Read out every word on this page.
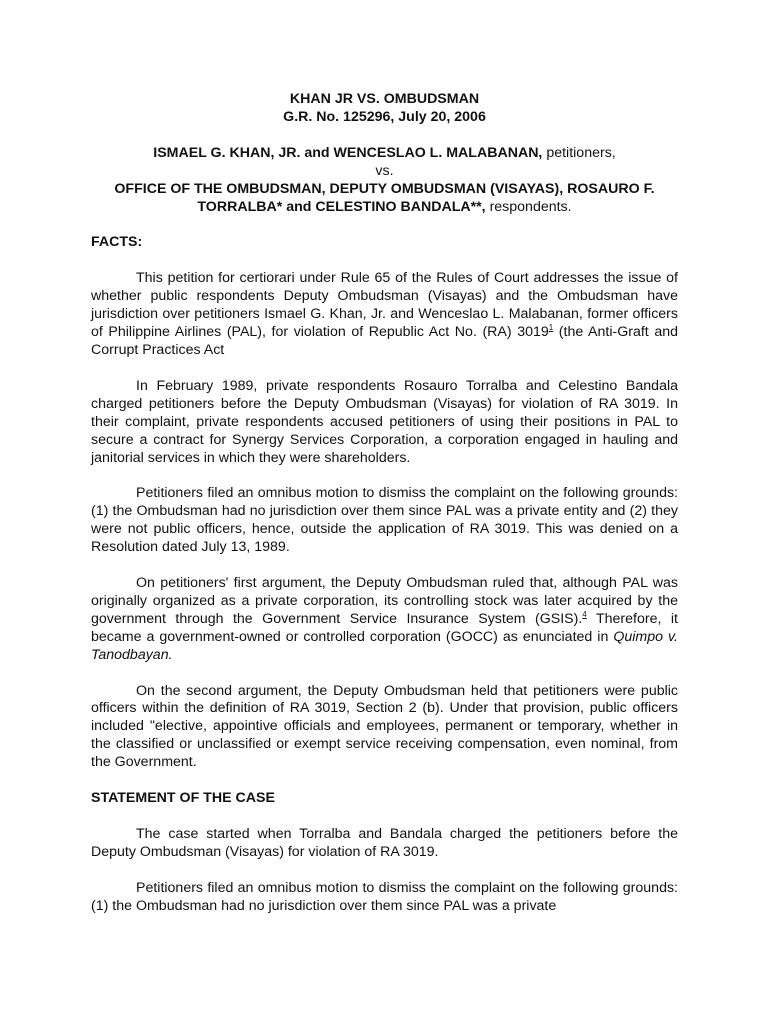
KHAN JR VS. OMBUDSMAN
G.R. No. 125296, July 20, 2006
ISMAEL G. KHAN, JR. and WENCESLAO L. MALABANAN, petitioners,
vs.
OFFICE OF THE OMBUDSMAN, DEPUTY OMBUDSMAN (VISAYAS), ROSAURO F.
TORRALBA* and CELESTINO BANDALA**, respondents.

FACTS:

This petition for certiorari under Rule 65 of the Rules of Court addresses the issue of whether public respondents Deputy Ombudsman (Visayas) and the Ombudsman have jurisdiction over petitioners Ismael G. Khan, Jr. and Wenceslao L. Malabanan, former officers of Philippine Airlines (PAL), for violation of Republic Act No. (RA) 3019$^1$ (the Anti-Graft and Corrupt Practices Act

In February 1989, private respondents Rosauro Torralba and Celestino Bandala charged petitioners before the Deputy Ombudsman (Visayas) for violation of RA 3019. In their complaint, private respondents accused petitioners of using their positions in PAL to secure a contract for Synergy Services Corporation, a corporation engaged in hauling and janitorial services in which they were shareholders.

Petitioners filed an omnibus motion to dismiss the complaint on the following grounds: (1) the Ombudsman had no jurisdiction over them since PAL was a private entity and (2) they were not public officers, hence, outside the application of RA 3019. This was denied on a Resolution dated July 13, 1989.

On petitioners' first argument, the Deputy Ombudsman ruled that, although PAL was originally organized as a private corporation, its controlling stock was later acquired by the government through the Government Service Insurance System (GSIS).$^4$ Therefore, it became a government-owned or controlled corporation (GOCC) as enunciated in Quimpo v. Tanodbayan.

On the second argument, the Deputy Ombudsman held that petitioners were public officers within the definition of RA 3019, Section 2 (b). Under that provision, public officers included "elective, appointive officials and employees, permanent or temporary, whether in the classified or unclassified or exempt service receiving compensation, even nominal, from the Government.

STATEMENT OF THE CASE

The case started when Torralba and Bandala charged the petitioners before the Deputy Ombudsman (Visayas) for violation of RA 3019.

Petitioners filed an omnibus motion to dismiss the complaint on the following grounds: (1) the Ombudsman had no jurisdiction over them since PAL was a private
